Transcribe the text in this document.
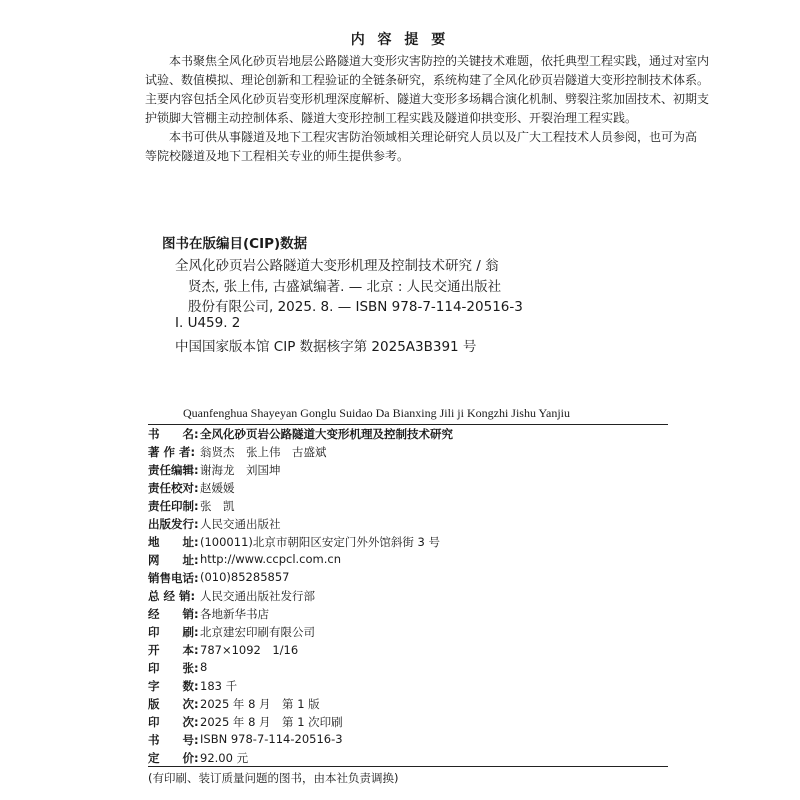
内 容 提 要
本书聚焦全风化砂页岩地层公路隧道大变形灾害防控的关键技术难题，依托典型工程实践，通过对室内
试验、数值模拟、理论创新和工程验证的全链条研究，系统构建了全风化砂页岩隧道大变形控制技术体系。
主要内容包括全风化砂页岩变形机理深度解析、隧道大变形多场耦合演化机制、劈裂注浆加固技术、初期支
护锁脚大管棚主动控制体系、隧道大变形控制工程实践及隧道仰拱变形、开裂治理工程实践。
本书可供从事隧道及地下工程灾害防治领域相关理论研究人员以及广大工程技术人员参阅，也可为高
等院校隧道及地下工程相关专业的师生提供参考。
图书在版编目(CIP)数据
全风化砂页岩公路隧道大变形机理及控制技术研究 / 翁
贤杰, 张上伟, 古盛斌编著. — 北京 : 人民交通出版社
股份有限公司, 2025. 8. — ISBN 978-7-114-20516-3
Ⅰ. U459. 2
中国国家版本馆 CIP 数据核字第 2025A3B391 号
Quanfenghua Shayeyan Gonglu Suidao Da Bianxing Jili ji Kongzhi Jishu Yanjiu
书　　名: 全风化砂页岩公路隧道大变形机理及控制技术研究
著 作 者: 翁贤杰　张上伟　古盛斌
责任编辑: 谢海龙　刘国坤
责任校对: 赵媛媛
责任印制: 张　凯
出版发行: 人民交通出版社
地　　址: (100011)北京市朝阳区安定门外外馆斜街 3 号
网　　址: http://www.ccpcl.com.cn
销售电话: (010)85285857
总 经 销: 人民交通出版社发行部
经　　销: 各地新华书店
印　　刷: 北京建宏印刷有限公司
开　　本: 787×1092　1/16
印　　张: 8
字　　数: 183 千
版　　次: 2025 年 8 月　第 1 版
印　　次: 2025 年 8 月　第 1 次印刷
书　　号: ISBN 978-7-114-20516-3
定　　价: 92.00 元
(有印刷、装订质量问题的图书，由本社负责调换)
